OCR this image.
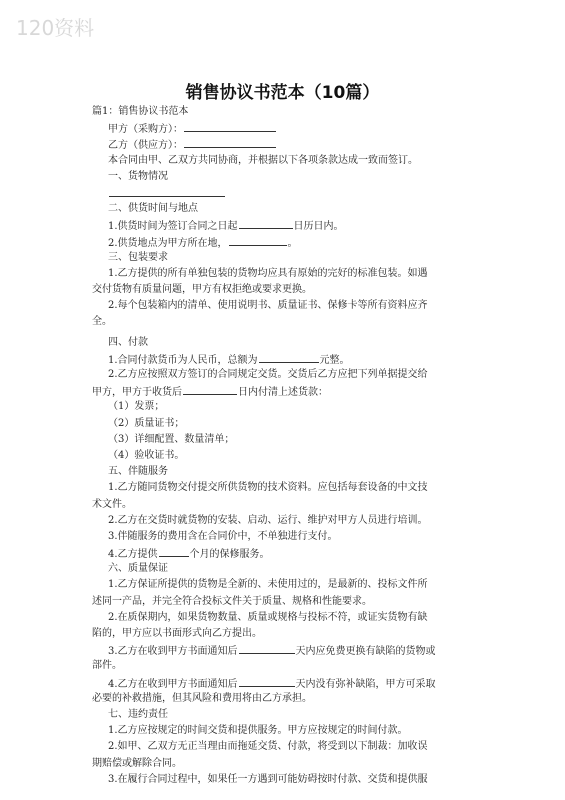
120资料
销售协议书范本（10篇）
篇1：销售协议书范本
甲方（采购方）：
乙方（供应方）：
本合同由甲、乙双方共同协商，并根据以下各项条款达成一致而签订。
一、货物情况
二、供货时间与地点
1.供货时间为签订合同之日起	日历日内。
2.供货地点为甲方所在地，	。
三、包装要求
1.乙方提供的所有单独包装的货物均应具有原始的完好的标准包装。如遇
交付货物有质量问题，甲方有权拒绝或要求更换。
2.每个包装箱内的清单、使用说明书、质量证书、保修卡等所有资料应齐
全。
四、付款
1.合同付款货币为人民币，总额为	元整。
2.乙方应按照双方签订的合同规定交货。交货后乙方应把下列单据提交给
甲方，甲方于收货后	日内付清上述货款：
（1）发票；
（2）质量证书；
（3）详细配置、数量清单；
（4）验收证书。
五、伴随服务
1.乙方随同货物交付提交所供货物的技术资料。应包括每套设备的中文技
术文件。
2.乙方在交货时就货物的安装、启动、运行、维护对甲方人员进行培训。
3.伴随服务的费用含在合同价中，不单独进行支付。
4.乙方提供	个月的保修服务。
六、质量保证
1.乙方保证所提供的货物是全新的、未使用过的，是最新的、投标文件所
述同一产品，并完全符合投标文件关于质量、规格和性能要求。
2.在质保期内，如果货物数量、质量或规格与投标不符，或证实货物有缺
陷的，甲方应以书面形式向乙方提出。
3.乙方在收到甲方书面通知后	天内应免费更换有缺陷的货物或
部件。
4.乙方在收到甲方书面通知后	天内没有弥补缺陷，甲方可采取
必要的补救措施，但其风险和费用将由乙方承担。
七、违约责任
1.乙方应按规定的时间交货和提供服务。甲方应按规定的时间付款。
2.如甲、乙双方无正当理由而拖延交货、付款，将受到以下制裁：加收误
期赔偿或解除合同。
3.在履行合同过程中，如果任一方遇到可能妨碍按时付款、交货和提供服
